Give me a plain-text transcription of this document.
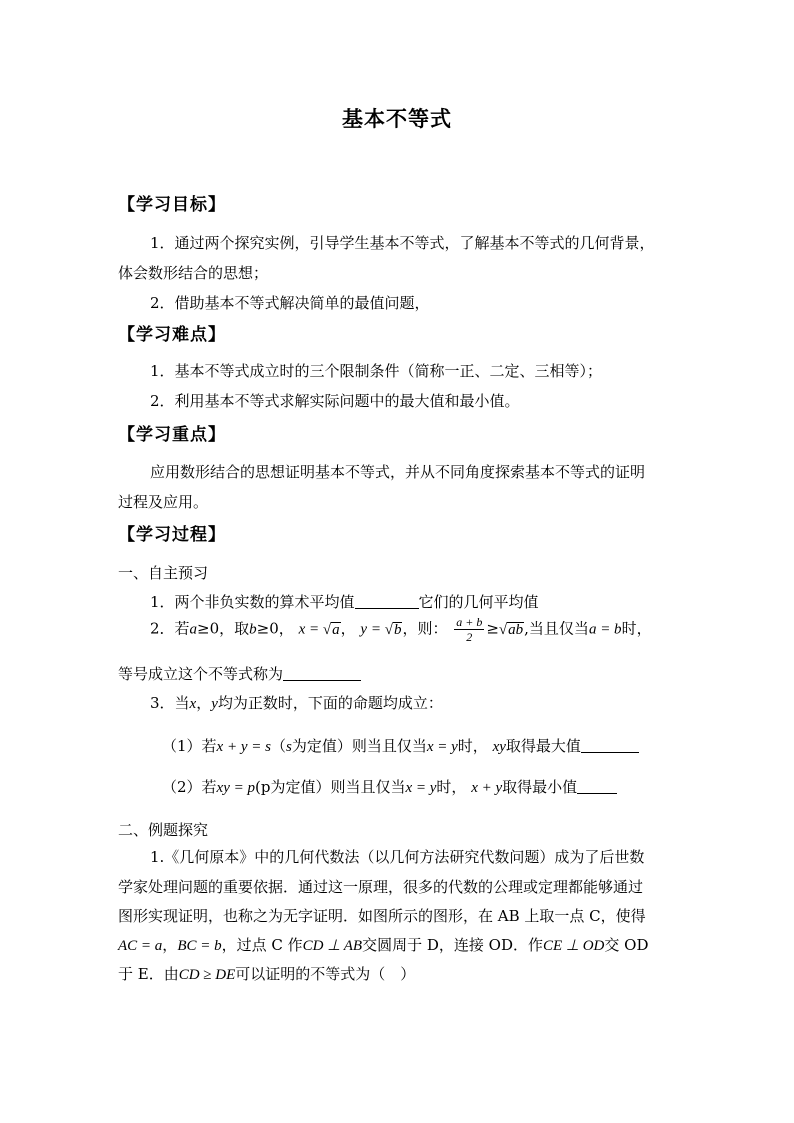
基本不等式
【学习目标】
1．通过两个探究实例，引导学生基本不等式，了解基本不等式的几何背景，
体会数形结合的思想；
2．借助基本不等式解决简单的最值问题，
【学习难点】
1．基本不等式成立时的三个限制条件（简称一正、二定、三相等）；
2．利用基本不等式求解实际问题中的最大值和最小值。
【学习重点】
应用数形结合的思想证明基本不等式，并从不同角度探索基本不等式的证明
过程及应用。
【学习过程】
一、自主预习
1．两个非负实数的算术平均值	它们的几何平均值
2．若a≥0，取b≥0， x = √a， y = √b，则： $\frac{a + b}{2} \ge√ab$,当且仅当a = b时，
等号成立这个不等式称为
3．当x，y均为正数时，下面的命题均成立：
（1）若x + y = s（s为定值）则当且仅当x = y时， xy取得最大值
（2）若xy = p(p为定值）则当且仅当x = y时， x + y取得最小值
二、例题探究
1.《几何原本》中的几何代数法（以几何方法研究代数问题）成为了后世数
学家处理问题的重要依据．通过这一原理，很多的代数的公理或定理都能够通过
图形实现证明，也称之为无字证明．如图所示的图形，在 AB 上取一点 C，使得
AC = a，BC = b，过点 C 作CD ⊥ AB交圆周于 D，连接 OD．作CE ⊥ OD交 OD
于 E．由CD ≥ DE可以证明的不等式为（　）
